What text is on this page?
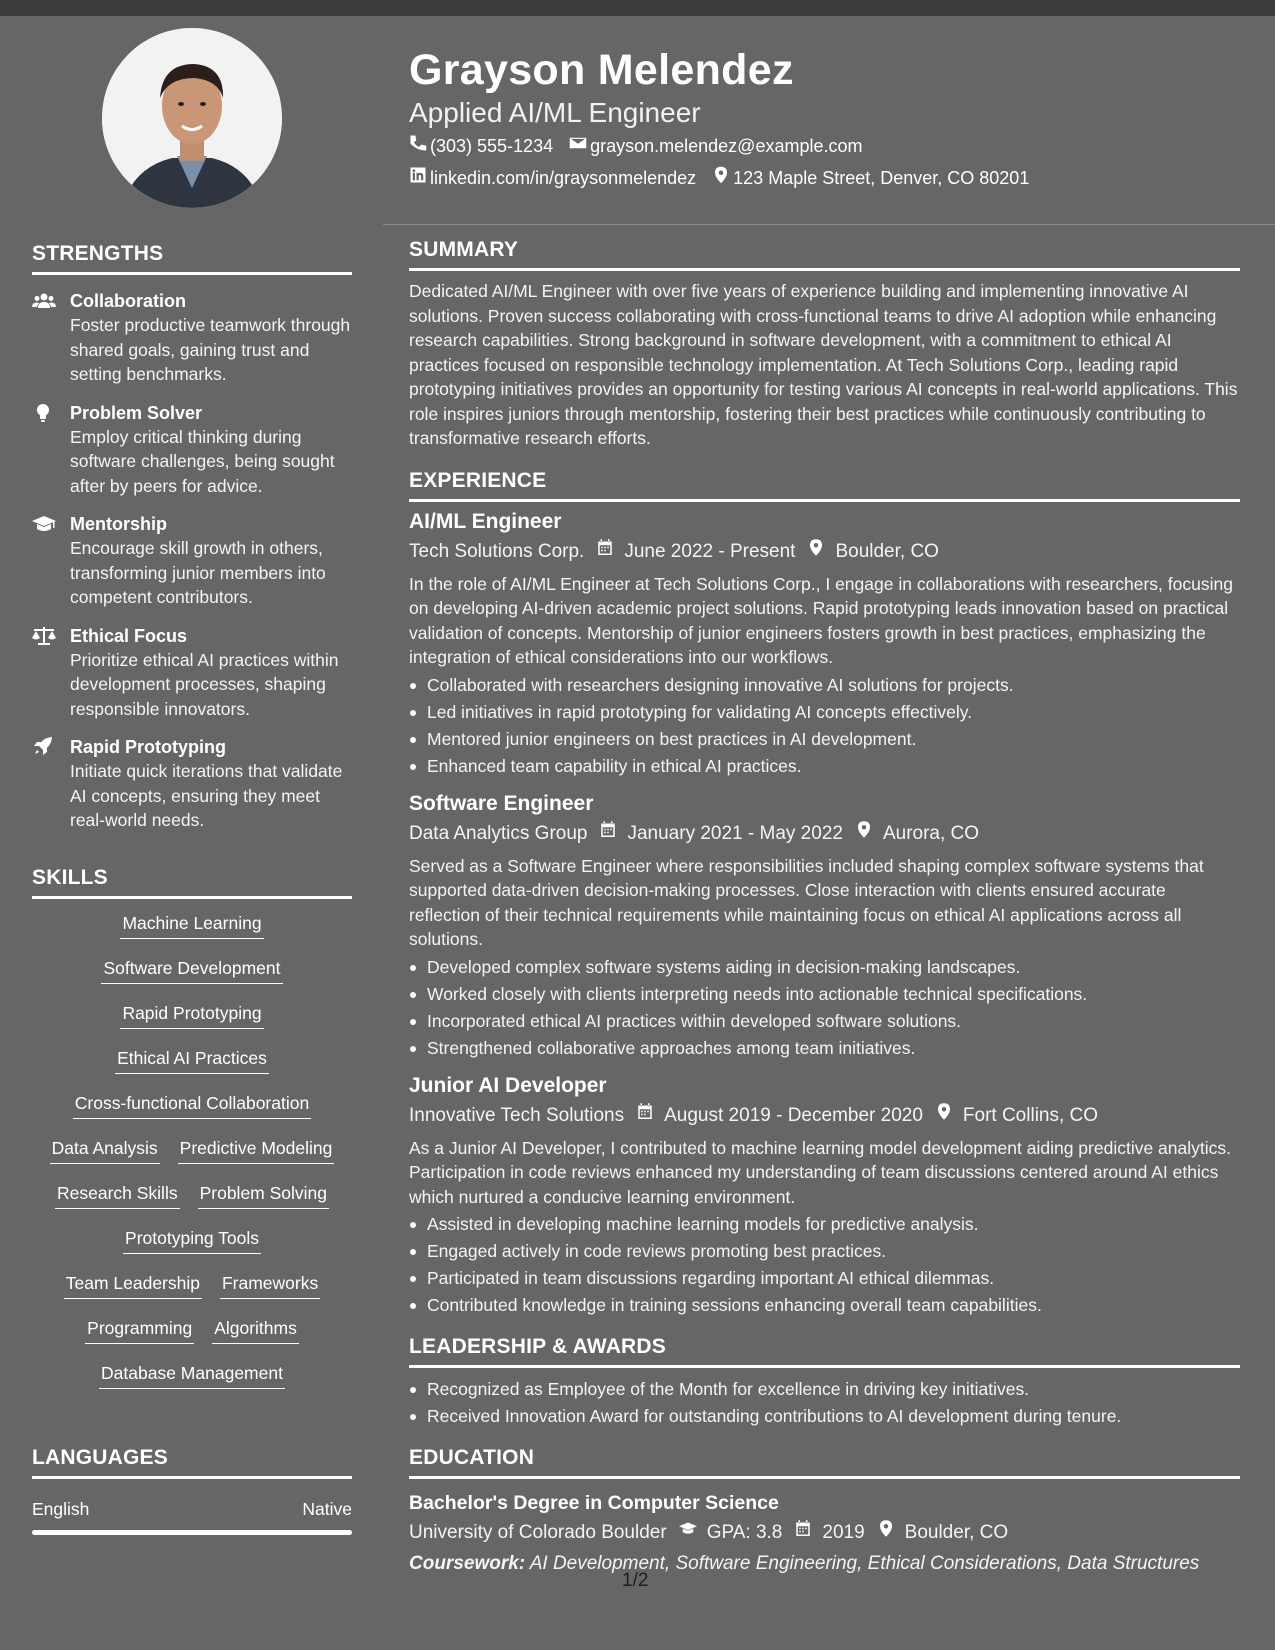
STRENGTHS
Collaboration
Foster productive teamwork through shared goals, gaining trust and setting benchmarks.
Problem Solver
Employ critical thinking during software challenges, being sought after by peers for advice.
Mentorship
Encourage skill growth in others, transforming junior members into competent contributors.
Ethical Focus
Prioritize ethical AI practices within development processes, shaping responsible innovators.
Rapid Prototyping
Initiate quick iterations that validate AI concepts, ensuring they meet real-world needs.
SKILLS
Machine Learning
Software Development
Rapid Prototyping
Ethical AI Practices
Cross-functional Collaboration
Data Analysis Predictive Modeling
Research Skills Problem Solving
Prototyping Tools
Team Leadership Frameworks
Programming Algorithms
Database Management
LANGUAGES
English	Native
Grayson Melendez
Applied AI/ML Engineer
(303) 555-1234 grayson.melendez@example.com
linkedin.com/in/graysonmelendez 123 Maple Street, Denver, CO 80201
SUMMARY
Dedicated AI/ML Engineer with over five years of experience building and implementing innovative AI solutions. Proven success collaborating with cross-functional teams to drive AI adoption while enhancing research capabilities. Strong background in software development, with a commitment to ethical AI practices focused on responsible technology implementation. At Tech Solutions Corp., leading rapid prototyping initiatives provides an opportunity for testing various AI concepts in real-world applications. This role inspires juniors through mentorship, fostering their best practices while continuously contributing to transformative research efforts.
EXPERIENCE
AI/ML Engineer
Tech Solutions Corp. June 2022 - Present Boulder, CO
In the role of AI/ML Engineer at Tech Solutions Corp., I engage in collaborations with researchers, focusing on developing AI-driven academic project solutions. Rapid prototyping leads innovation based on practical validation of concepts. Mentorship of junior engineers fosters growth in best practices, emphasizing the integration of ethical considerations into our workflows.
Collaborated with researchers designing innovative AI solutions for projects.
Led initiatives in rapid prototyping for validating AI concepts effectively.
Mentored junior engineers on best practices in AI development.
Enhanced team capability in ethical AI practices.
Software Engineer
Data Analytics Group January 2021 - May 2022 Aurora, CO
Served as a Software Engineer where responsibilities included shaping complex software systems that supported data-driven decision-making processes. Close interaction with clients ensured accurate reflection of their technical requirements while maintaining focus on ethical AI applications across all solutions.
Developed complex software systems aiding in decision-making landscapes.
Worked closely with clients interpreting needs into actionable technical specifications.
Incorporated ethical AI practices within developed software solutions.
Strengthened collaborative approaches among team initiatives.
Junior AI Developer
Innovative Tech Solutions August 2019 - December 2020 Fort Collins, CO
As a Junior AI Developer, I contributed to machine learning model development aiding predictive analytics. Participation in code reviews enhanced my understanding of team discussions centered around AI ethics which nurtured a conducive learning environment.
Assisted in developing machine learning models for predictive analysis.
Engaged actively in code reviews promoting best practices.
Participated in team discussions regarding important AI ethical dilemmas.
Contributed knowledge in training sessions enhancing overall team capabilities.
LEADERSHIP & AWARDS
Recognized as Employee of the Month for excellence in driving key initiatives.
Received Innovation Award for outstanding contributions to AI development during tenure.
EDUCATION
Bachelor's Degree in Computer Science
University of Colorado Boulder GPA: 3.8 2019 Boulder, CO
Coursework: AI Development, Software Engineering, Ethical Considerations, Data Structures
1/2
